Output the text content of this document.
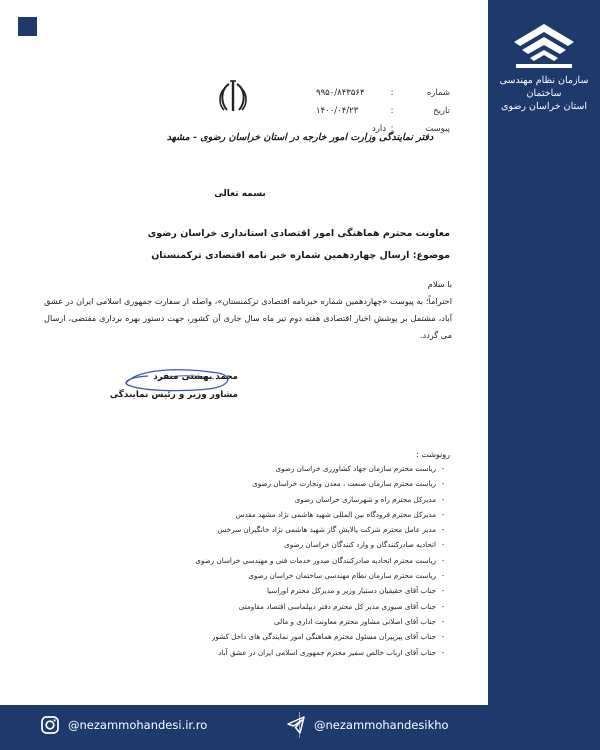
سازمان نظام مهندسی ساختمان
استان خراسان رضوی
شماره
:
۹۹۵۰/۸۴۳۵۶۴
تاریخ
:
۱۴۰۰/۰۴/۲۳
پیوست
:
دارد
دفتر نمایندگی وزارت امور خارجه در استان خراسان رضوی - مشهد
بسمه تعالی
معاونت محترم هماهنگی امور اقتصادی استانداری خراسان رضوی
موضوع: ارسال چهاردهمین شماره خبر نامه اقتصادی ترکمنستان
با سلام
احتراماً؛ به پیوست «چهاردهمین شماره خبرنامه اقتصادی ترکمنستان»، واصله از سفارت جمهوری اسلامی ایران در عشق آباد، مشتمل بر پوشش اخبار اقتصادی هفته دوم تیر ماه سال جاری آن کشور، جهت دستور بهره برداری مقتضی، ارسال می گردد.
محمد بهشتی منفرد
مشاور وزیر و رئیس نمایندگی
رونوشت :
-ریاست محترم سازمان جهاد کشاورزی خراسان رضوی
-ریاست محترم سازمان صنعت ، معدن وتجارت خراسان رضوی
-مدیرکل محترم راه و شهرسازی خراسان رضوی
-مدیرکل محترم فرودگاه بین المللی شهید هاشمی نژاد مشهد مقدس
-مدیر عامل محترم شرکت پالایش گاز شهید هاشمی نژاد خانگیران سرخس
-اتحادیه صادرکنندگان و وارد کنندگان خراسان رضوی
-ریاست محترم اتحادیه صادرکنندگان صدور خدمات فنی و مهندسی خراسان رضوی
-ریاست محترم سازمان نظام مهندسی ساختمان خراسان رضوی
-جناب آقای حقیقیان دستیار وزیر و مدیرکل محترم اوراسیا
-جناب آقای صبوری مدیر کل محترم دفتر دیپلماسی اقتصاد مقاومتی
-جناب آقای اصلانی مشاور محترم معاونت اداری و مالی
-جناب آقای پیرپیران مسئول محترم هماهنگی امور نمایندگی های داخل کشور
-جناب آقای ارباب خالص سفیر محترم جمهوری اسلامی ایران در عشق آباد
@nezammohandesi.ir.ro	@nezammohandesikho
